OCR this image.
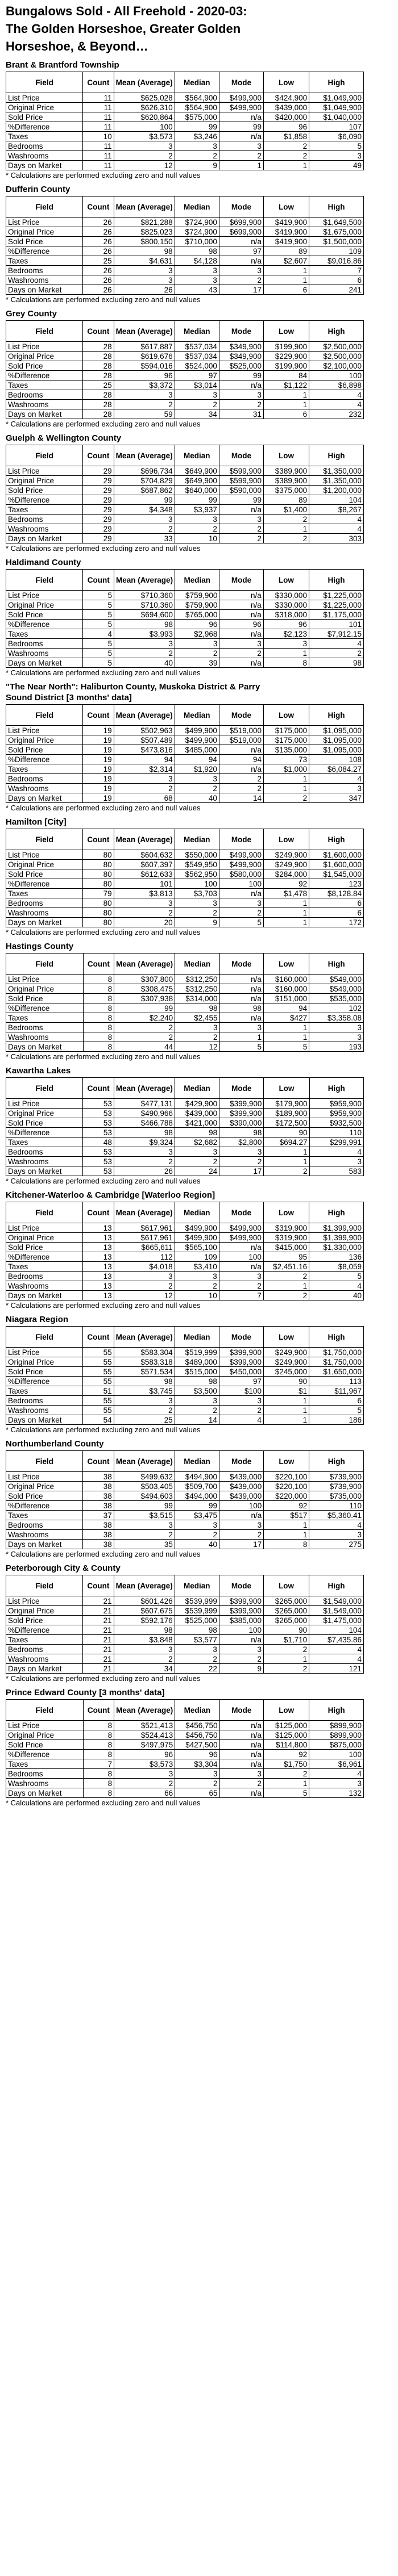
Bungalows Sold - All Freehold - 2020-03: The Golden Horseshoe, Greater Golden Horseshoe, & Beyond…
Brant & Brantford Township
Field	Count	Mean (Average)	Median	Mode	Low	High
List Price	11	$625,028	$564,900	$499,900	$424,900	$1,049,900
Original Price	11	$626,310	$564,900	$499,900	$439,000	$1,049,900
Sold Price	11	$620,864	$575,000	n/a	$420,000	$1,040,000
%Difference	11	100	99	99	96	107
Taxes	10	$3,573	$3,246	n/a	$1,858	$6,090
Bedrooms	11	3	3	3	2	5
Washrooms	11	2	2	2	2	3
Days on Market	11	12	9	1	1	49
* Calculations are performed excluding zero and null values
Dufferin County
Field	Count	Mean (Average)	Median	Mode	Low	High
List Price	26	$821,288	$724,900	$699,900	$419,900	$1,649,500
Original Price	26	$825,023	$724,900	$699,900	$419,900	$1,675,000
Sold Price	26	$800,150	$710,000	n/a	$419,900	$1,500,000
%Difference	26	98	98	97	89	109
Taxes	25	$4,631	$4,128	n/a	$2,607	$9,016.86
Bedrooms	26	3	3	3	1	7
Washrooms	26	3	3	2	1	6
Days on Market	26	26	43	17	6	241
* Calculations are performed excluding zero and null values
Grey County
Field	Count	Mean (Average)	Median	Mode	Low	High
List Price	28	$617,887	$537,034	$349,900	$199,900	$2,500,000
Original Price	28	$619,676	$537,034	$349,900	$229,900	$2,500,000
Sold Price	28	$594,016	$524,000	$525,000	$199,900	$2,100,000
%Difference	28	96	97	99	84	100
Taxes	25	$3,372	$3,014	n/a	$1,122	$6,898
Bedrooms	28	3	3	3	1	4
Washrooms	28	2	2	2	1	4
Days on Market	28	59	34	31	6	232
* Calculations are performed excluding zero and null values
Guelph & Wellington County
Field	Count	Mean (Average)	Median	Mode	Low	High
List Price	29	$696,734	$649,900	$599,900	$389,900	$1,350,000
Original Price	29	$704,829	$649,900	$599,900	$389,900	$1,350,000
Sold Price	29	$687,862	$640,000	$590,000	$375,000	$1,200,000
%Difference	29	99	99	99	89	104
Taxes	29	$4,348	$3,937	n/a	$1,400	$8,267
Bedrooms	29	3	3	3	2	4
Washrooms	29	2	2	2	1	4
Days on Market	29	33	10	2	2	303
* Calculations are performed excluding zero and null values
Haldimand County
Field	Count	Mean (Average)	Median	Mode	Low	High
List Price	5	$710,360	$759,900	n/a	$330,000	$1,225,000
Original Price	5	$710,360	$759,900	n/a	$330,000	$1,225,000
Sold Price	5	$694,600	$765,000	n/a	$318,000	$1,175,000
%Difference	5	98	96	96	96	101
Taxes	4	$3,993	$2,968	n/a	$2,123	$7,912.15
Bedrooms	5	3	3	3	3	4
Washrooms	5	2	2	2	1	2
Days on Market	5	40	39	n/a	8	98
* Calculations are performed excluding zero and null values
"The Near North": Haliburton County, Muskoka District & Parry Sound District [3 months' data]
Field	Count	Mean (Average)	Median	Mode	Low	High
List Price	19	$502,963	$499,900	$519,000	$175,000	$1,095,000
Original Price	19	$507,489	$499,900	$519,000	$175,000	$1,095,000
Sold Price	19	$473,816	$485,000	n/a	$135,000	$1,095,000
%Difference	19	94	94	94	73	108
Taxes	19	$2,314	$1,920	n/a	$1,000	$6,084.27
Bedrooms	19	3	3	2	1	4
Washrooms	19	2	2	2	1	3
Days on Market	19	68	40	14	2	347
* Calculations are performed excluding zero and null values
Hamilton [City]
Field	Count	Mean (Average)	Median	Mode	Low	High
List Price	80	$604,632	$550,000	$499,900	$249,900	$1,600,000
Original Price	80	$607,397	$549,950	$499,900	$249,900	$1,600,000
Sold Price	80	$612,633	$562,950	$580,000	$284,000	$1,545,000
%Difference	80	101	100	100	92	123
Taxes	79	$3,813	$3,703	n/a	$1,478	$8,128.84
Bedrooms	80	3	3	3	1	6
Washrooms	80	2	2	2	1	6
Days on Market	80	20	9	5	1	172
* Calculations are performed excluding zero and null values
Hastings County
Field	Count	Mean (Average)	Median	Mode	Low	High
List Price	8	$307,800	$312,250	n/a	$160,000	$549,000
Original Price	8	$308,475	$312,250	n/a	$160,000	$549,000
Sold Price	8	$307,938	$314,000	n/a	$151,000	$535,000
%Difference	8	99	98	98	94	102
Taxes	8	$2,240	$2,455	n/a	$427	$3,358.08
Bedrooms	8	2	3	3	1	3
Washrooms	8	2	2	1	1	3
Days on Market	8	44	12	5	5	193
* Calculations are performed excluding zero and null values
Kawartha Lakes
Field	Count	Mean (Average)	Median	Mode	Low	High
List Price	53	$477,131	$429,900	$399,900	$179,900	$959,900
Original Price	53	$490,966	$439,000	$399,900	$189,900	$959,900
Sold Price	53	$466,788	$421,000	$390,000	$172,500	$932,500
%Difference	53	98	98	98	90	110
Taxes	48	$9,324	$2,682	$2,800	$694.27	$299,991
Bedrooms	53	3	3	3	1	4
Washrooms	53	2	2	2	1	3
Days on Market	53	26	24	17	2	583
* Calculations are performed excluding zero and null values
Kitchener-Waterloo & Cambridge [Waterloo Region]
Field	Count	Mean (Average)	Median	Mode	Low	High
List Price	13	$617,961	$499,900	$499,900	$319,900	$1,399,900
Original Price	13	$617,961	$499,900	$499,900	$319,900	$1,399,900
Sold Price	13	$665,611	$565,100	n/a	$415,000	$1,330,000
%Difference	13	112	109	100	95	136
Taxes	13	$4,018	$3,410	n/a	$2,451.16	$8,059
Bedrooms	13	3	3	3	2	5
Washrooms	13	2	2	2	1	4
Days on Market	13	12	10	7	2	40
* Calculations are performed excluding zero and null values
Niagara Region
Field	Count	Mean (Average)	Median	Mode	Low	High
List Price	55	$583,304	$519,999	$399,900	$249,900	$1,750,000
Original Price	55	$583,318	$489,000	$399,900	$249,900	$1,750,000
Sold Price	55	$571,534	$515,000	$450,000	$245,000	$1,650,000
%Difference	55	98	98	97	90	113
Taxes	51	$3,745	$3,500	$100	$1	$11,967
Bedrooms	55	3	3	3	1	6
Washrooms	55	2	2	2	1	5
Days on Market	54	25	14	4	1	186
* Calculations are performed excluding zero and null values
Northumberland County
Field	Count	Mean (Average)	Median	Mode	Low	High
List Price	38	$499,632	$494,900	$439,000	$220,100	$739,900
Original Price	38	$503,405	$509,700	$439,000	$220,100	$739,900
Sold Price	38	$494,603	$494,000	$439,000	$220,000	$735,000
%Difference	38	99	99	100	92	110
Taxes	37	$3,515	$3,475	n/a	$517	$5,360.41
Bedrooms	38	3	3	3	1	4
Washrooms	38	2	2	2	1	3
Days on Market	38	35	40	17	8	275
* Calculations are performed excluding zero and null values
Peterborough City & County
Field	Count	Mean (Average)	Median	Mode	Low	High
List Price	21	$601,426	$539,999	$399,900	$265,000	$1,549,000
Original Price	21	$607,675	$539,999	$399,900	$265,000	$1,549,000
Sold Price	21	$592,176	$525,000	$385,000	$265,000	$1,475,000
%Difference	21	98	98	100	90	104
Taxes	21	$3,848	$3,577	n/a	$1,710	$7,435.86
Bedrooms	21	3	3	3	2	4
Washrooms	21	2	2	2	1	4
Days on Market	21	34	22	9	2	121
* Calculations are performed excluding zero and null values
Prince Edward County [3 months' data]
Field	Count	Mean (Average)	Median	Mode	Low	High
List Price	8	$521,413	$456,750	n/a	$125,000	$899,900
Original Price	8	$524,413	$456,750	n/a	$125,000	$899,900
Sold Price	8	$497,975	$427,500	n/a	$114,800	$875,000
%Difference	8	96	96	n/a	92	100
Taxes	7	$3,573	$3,304	n/a	$1,750	$6,961
Bedrooms	8	3	3	3	2	4
Washrooms	8	2	2	2	1	3
Days on Market	8	66	65	n/a	5	132
* Calculations are performed excluding zero and null values
